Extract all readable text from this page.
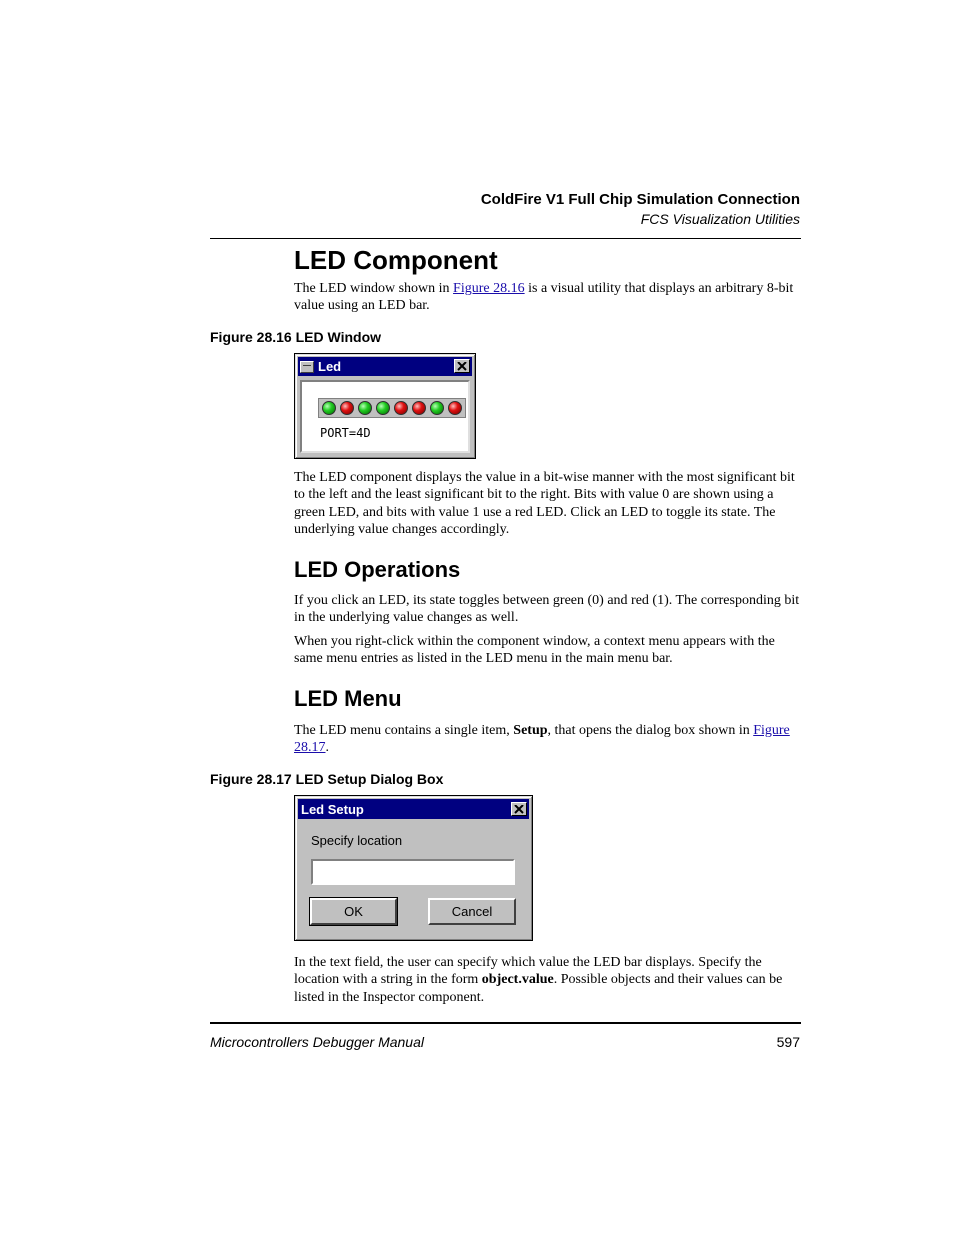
ColdFire V1 Full Chip Simulation Connection
FCS Visualization Utilities
LED Component

The LED window shown in Figure 28.16 is a visual utility that displays an arbitrary 8-bit value using an LED bar.

Figure 28.16 LED Window
Led
PORT=4D

The LED component displays the value in a bit-wise manner with the most significant bit to the left and the least significant bit to the right. Bits with value 0 are shown using a green LED, and bits with value 1 use a red LED. Click an LED to toggle its state. The underlying value changes accordingly.

LED Operations

If you click an LED, its state toggles between green (0) and red (1). The corresponding bit in the underlying value changes as well.

When you right-click within the component window, a context menu appears with the same menu entries as listed in the LED menu in the main menu bar.

LED Menu

The LED menu contains a single item, Setup, that opens the dialog box shown in Figure 28.17.

Figure 28.17 LED Setup Dialog Box
Led Setup
Specify location
OK	Cancel

In the text field, the user can specify which value the LED bar displays. Specify the location with a string in the form object.value. Possible objects and their values can be listed in the Inspector component.

Microcontrollers Debugger Manual	597
